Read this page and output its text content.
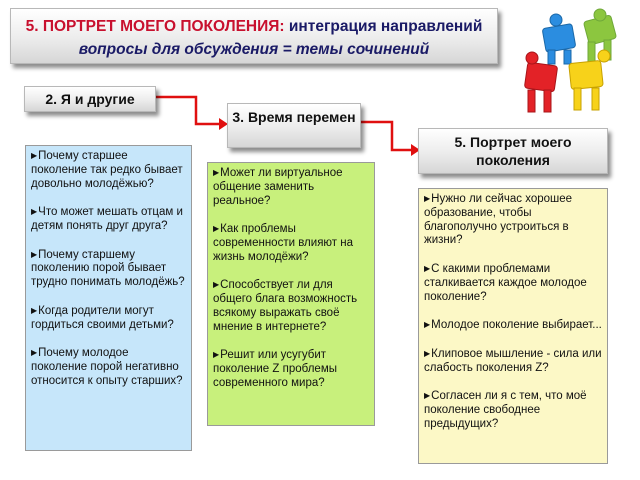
5. ПОРТРЕТ МОЕГО ПОКОЛЕНИЯ: интеграция направлений
вопросы для обсуждения = темы сочинений
2. Я и другие
3. Время перемен
5. Портрет моего поколения
▶Почему старшее поколение так редко бывает довольно молодёжью?
▶Что может мешать отцам и детям понять друг друга?
▶Почему старшему поколению порой бывает трудно понимать молодёжь?
▶Когда родители могут гордиться своими детьми?
▶Почему молодое поколение порой негативно относится к опыту старших?
▶Может ли виртуальное общение заменить реальное?
▶Как проблемы современности влияют на жизнь молодёжи?
▶Способствует ли для общего блага возможность всякому выражать своё мнение в интернете?
▶Решит или усугубит поколение Z проблемы современного мира?
▶Нужно ли сейчас хорошее образование, чтобы благополучно устроиться в жизни?
▶С какими проблемами сталкивается каждое молодое поколение?
▶Молодое поколение выбирает...
▶Клиповое мышление - сила или слабость поколения Z?
▶Согласен ли я с тем, что моё поколение свободнее предыдущих?
